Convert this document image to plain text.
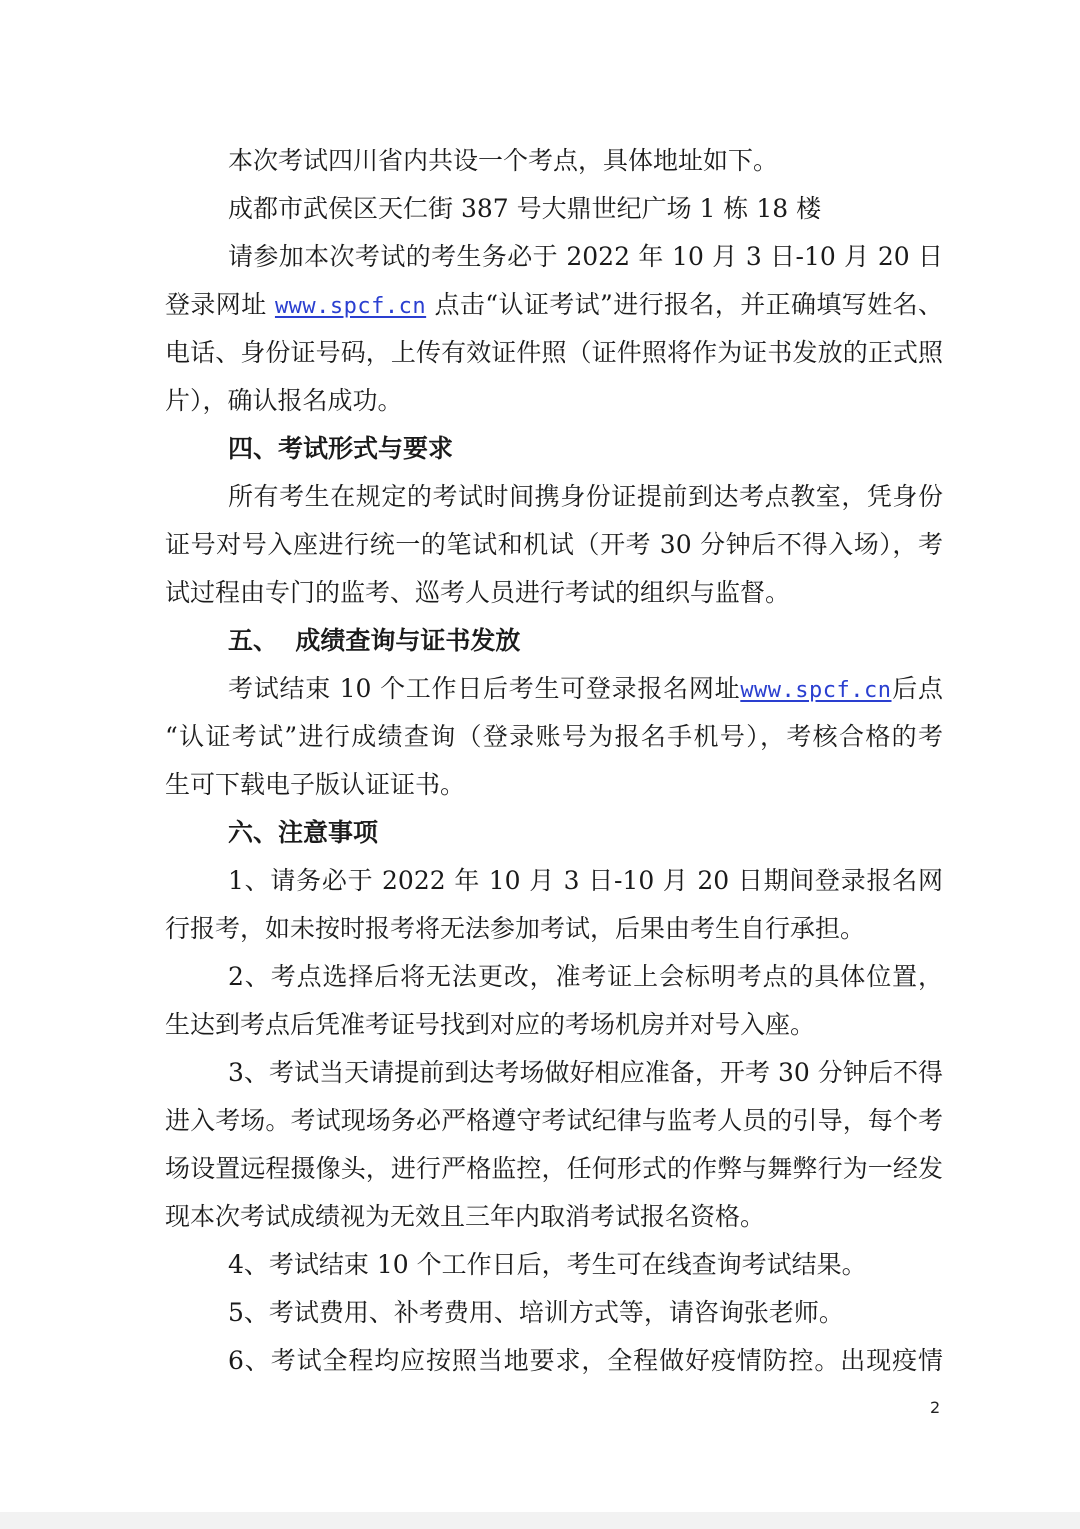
本次考试四川省内共设一个考点，具体地址如下。
成都市武侯区天仁街 387 号大鼎世纪广场 1 栋 18 楼
请参加本次考试的考生务必于 2022 年 10 月 3 日-10 月 20 日
登录网址 www.spcf.cn 点击“认证考试”进行报名，并正确填写姓名、
电话、身份证号码，上传有效证件照（证件照将作为证书发放的正式照
片），确认报名成功。
四、考试形式与要求
所有考生在规定的考试时间携身份证提前到达考点教室，凭身份
证号对号入座进行统一的笔试和机试（开考 30 分钟后不得入场），考
试过程由专门的监考、巡考人员进行考试的组织与监督。
五、  成绩查询与证书发放
考试结束 10 个工作日后考生可登录报名网址www.spcf.cn后点
“认证考试”进行成绩查询（登录账号为报名手机号），考核合格的考
生可下载电子版认证证书。
六、注意事项
1、请务必于 2022 年 10 月 3 日-10 月 20 日期间登录报名网
行报考，如未按时报考将无法参加考试，后果由考生自行承担。
2、考点选择后将无法更改，准考证上会标明考点的具体位置，
生达到考点后凭准考证号找到对应的考场机房并对号入座。
3、考试当天请提前到达考场做好相应准备，开考 30 分钟后不得
进入考场。考试现场务必严格遵守考试纪律与监考人员的引导，每个考
场设置远程摄像头，进行严格监控，任何形式的作弊与舞弊行为一经发
现本次考试成绩视为无效且三年内取消考试报名资格。
4、考试结束 10 个工作日后，考生可在线查询考试结果。
5、考试费用、补考费用、培训方式等，请咨询张老师。
6、考试全程均应按照当地要求，全程做好疫情防控。出现疫情
2
